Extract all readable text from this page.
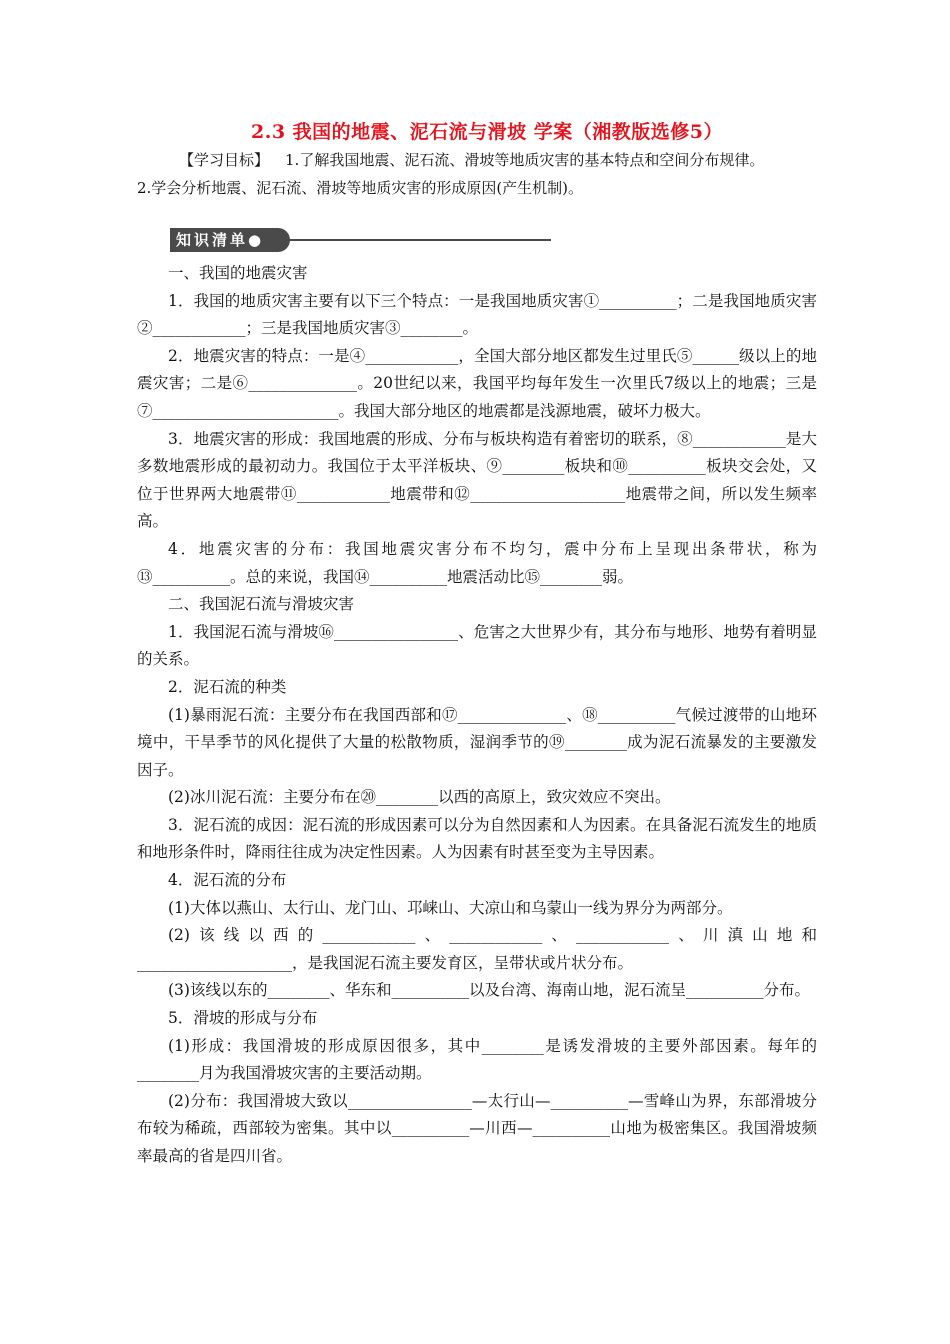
2.3 我国的地震、泥石流与滑坡 学案（湘教版选修5）
【学习目标】 1.了解我国地震、泥石流、滑坡等地质灾害的基本特点和空间分布规律。
2.学会分析地震、泥石流、滑坡等地质灾害的形成原因(产生机制)。
知识清单●

一、我国的地震灾害

1．我国的地质灾害主要有以下三个特点：一是我国地质灾害①__________；二是我国地质灾害②____________；三是我国地质灾害③________。

2．地震灾害的特点：一是④____________，全国大部分地区都发生过里氏⑤______级以上的地震灾害；二是⑥______________。20世纪以来，我国平均每年发生一次里氏7级以上的地震；三是⑦________________________。我国大部分地区的地震都是浅源地震，破坏力极大。

3．地震灾害的形成：我国地震的形成、分布与板块构造有着密切的联系，⑧____________是大多数地震形成的最初动力。我国位于太平洋板块、⑨________板块和⑩__________板块交会处，又位于世界两大地震带⑪____________地震带和⑫____________________地震带之间，所以发生频率高。

4．地震灾害的分布：我国地震灾害分布不均匀，震中分布上呈现出条带状，称为⑬__________。总的来说，我国⑭__________地震活动比⑮________弱。

二、我国泥石流与滑坡灾害

1．我国泥石流与滑坡⑯________________、危害之大世界少有，其分布与地形、地势有着明显的关系。

2．泥石流的种类

(1)暴雨泥石流：主要分布在我国西部和⑰______________、⑱__________气候过渡带的山地环境中，干旱季节的风化提供了大量的松散物质，湿润季节的⑲________成为泥石流暴发的主要激发因子。

(2)冰川泥石流：主要分布在⑳________以西的高原上，致灾效应不突出。

3．泥石流的成因：泥石流的形成因素可以分为自然因素和人为因素。在具备泥石流发生的地质和地形条件时，降雨往往成为决定性因素。人为因素有时甚至变为主导因素。

4．泥石流的分布

(1)大体以燕山、太行山、龙门山、邛崃山、大凉山和乌蒙山一线为界分为两部分。

(2)该线以西的____________、____________、____________、川滇山地和____________________，是我国泥石流主要发育区，呈带状或片状分布。

(3)该线以东的________、华东和__________以及台湾、海南山地，泥石流呈__________分布。

5．滑坡的形成与分布

(1)形成：我国滑坡的形成原因很多，其中________是诱发滑坡的主要外部因素。每年的________月为我国滑坡灾害的主要活动期。

(2)分布：我国滑坡大致以________________—太行山—__________—雪峰山为界，东部滑坡分布较为稀疏，西部较为密集。其中以__________—川西—__________山地为极密集区。我国滑坡频率最高的省是四川省。
